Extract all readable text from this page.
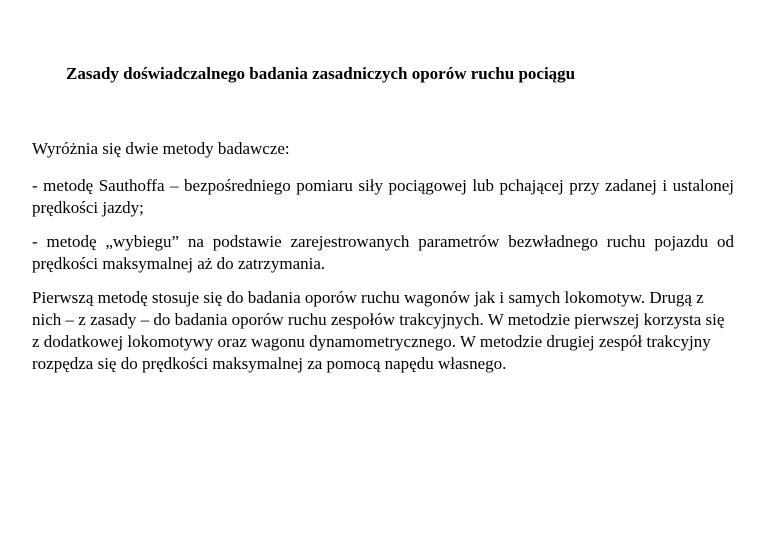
Zasady doświadczalnego badania zasadniczych oporów ruchu pociągu

Wyróżnia się dwie metody badawcze:

- metodę Sauthoffa – bezpośredniego pomiaru siły pociągowej lub pchającej przy zadanej i ustalonej prędkości jazdy;

- metodę „wybiegu” na podstawie zarejestrowanych parametrów bezwładnego ruchu pojazdu od prędkości maksymalnej aż do zatrzymania.

Pierwszą metodę stosuje się do badania oporów ruchu wagonów jak i samych lokomotyw. Drugą z nich – z zasady – do badania oporów ruchu zespołów trakcyjnych. W metodzie pierwszej korzysta się z dodatkowej lokomotywy oraz wagonu dynamometrycznego. W metodzie drugiej zespół trakcyjny rozpędza się do prędkości maksymalnej za pomocą napędu własnego.
